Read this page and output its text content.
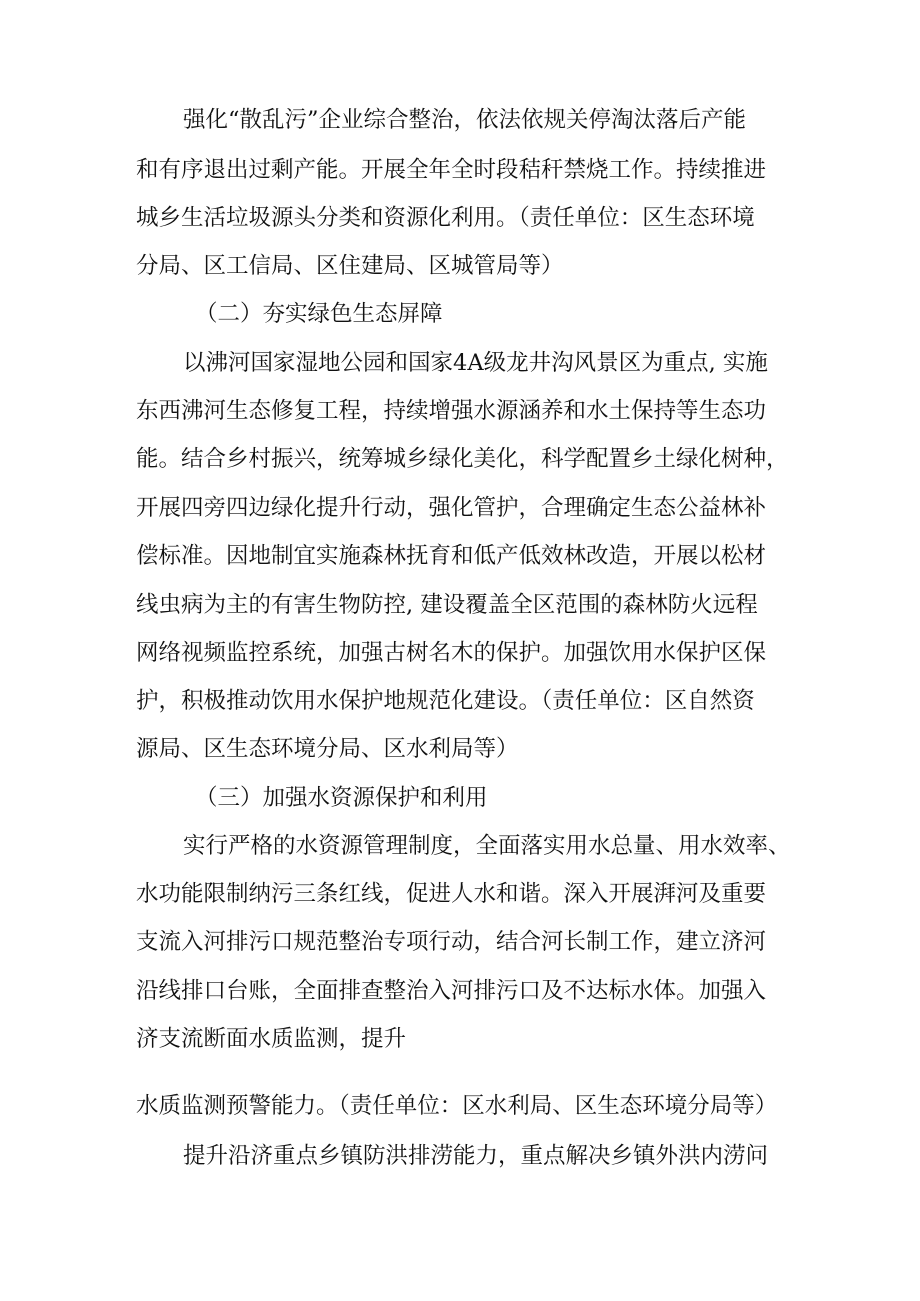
强化“散乱污”企业综合整治，依法依规关停淘汰落后产能
和有序退出过剩产能。开展全年全时段秸秆禁烧工作。持续推进
城乡生活垃圾源头分类和资源化利用。（责任单位：区生态环境
分局、区工信局、区住建局、区城管局等）
（二）夯实绿色生态屏障
以沸河国家湿地公园和国家4A级龙井沟风景区为重点, 实施
东西沸河生态修复工程，持续增强水源涵养和水土保持等生态功
能。结合乡村振兴，统筹城乡绿化美化，科学配置乡土绿化树种，
开展四旁四边绿化提升行动，强化管护，合理确定生态公益林补
偿标准。因地制宜实施森林抚育和低产低效林改造，开展以松材
线虫病为主的有害生物防控, 建设覆盖全区范围的森林防火远程
网络视频监控系统，加强古树名木的保护。加强饮用水保护区保
护，积极推动饮用水保护地规范化建设。（责任单位：区自然资
源局、区生态环境分局、区水利局等）
（三）加强水资源保护和利用
实行严格的水资源管理制度，全面落实用水总量、用水效率、
水功能限制纳污三条红线，促进人水和谐。深入开展湃河及重要
支流入河排污口规范整治专项行动，结合河长制工作，建立济河
沿线排口台账，全面排查整治入河排污口及不达标水体。加强入
济支流断面水质监测，提升
水质监测预警能力。（责任单位：区水利局、区生态环境分局等）
提升沿济重点乡镇防洪排涝能力，重点解决乡镇外洪内涝问
